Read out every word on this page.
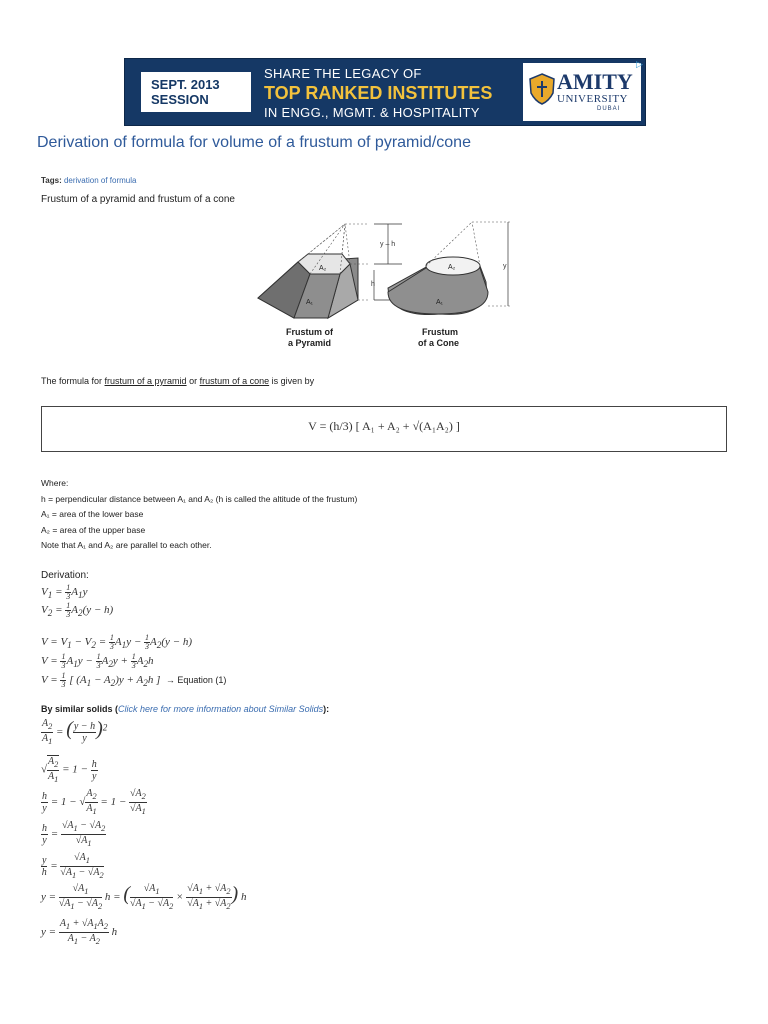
SEPT. 2013
SESSION
SHARE THE LEGACY OF
TOP RANKED INSTITUTES
IN ENGG., MGMT. & HOSPITALITY
AMITY
UNIVERSITY
DUBAI
▷
Derivation of formula for volume of a frustum of pyramid/cone
Tags: derivation of formula
Frustum of a pyramid and frustum of a cone
y – h
h
A₂
A₁
y
A₂
A₁
Frustum of
a Pyramid
Frustum
of a Cone
The formula for frustum of a pyramid or frustum of a cone is given by
V = (h/3) [ A₁ + A₂ + √(A₁A₂) ]
Where:
h = perpendicular distance between A₁ and A₂ (h is called the altitude of the frustum)
A₁ = area of the lower base
A₂ = area of the upper base
Note that A₁ and A₂ are parallel to each other.
Derivation:
$V_1 = \frac{1}{3} A_1y$
$V_2 = \frac{1}{3} A_2(y - h)$
$V = V_1 - V_2 = \frac{1}{3} A_1y - \frac{1}{3} A_2(y - h)$
$V = \frac{1}{3} A_1y - \frac{1}{3} A_2y + \frac{1}{3} A_2h$
$V = \frac{1}{3}$ [ $(A_1 - A_2)y + A_2h$ ]  → Equation (1)
By similar solids (Click here for more information about Similar Solids):
$\frac{A_2}{A_1}$ = ( $\frac{y - h}{y} )^2$
√ $\frac{A_2}{A_1} = 1 - \frac{h}{y}$
$\frac{h}{y} = 1$ − √ $\frac{A_2}{A_1} = 1 - \frac{√A_2}{√A_1}$
$\frac{h}{y} = \frac{√A_1 - √A_2}{√A_1}$
$\frac{y}{h} = \frac{√A_1}{√A_1 - √A_2}$
$y = \frac{√A_1}{√A_1 - √A_2}$ h = ( $\frac{√A_1}{√A_1 - √A_2} \times \frac{√A_1 + √A_2}{√A_1 + √A_2}$ ) h
$y = \frac{A_1 + √A_1A_2}{A_1 - A_2}$ h
